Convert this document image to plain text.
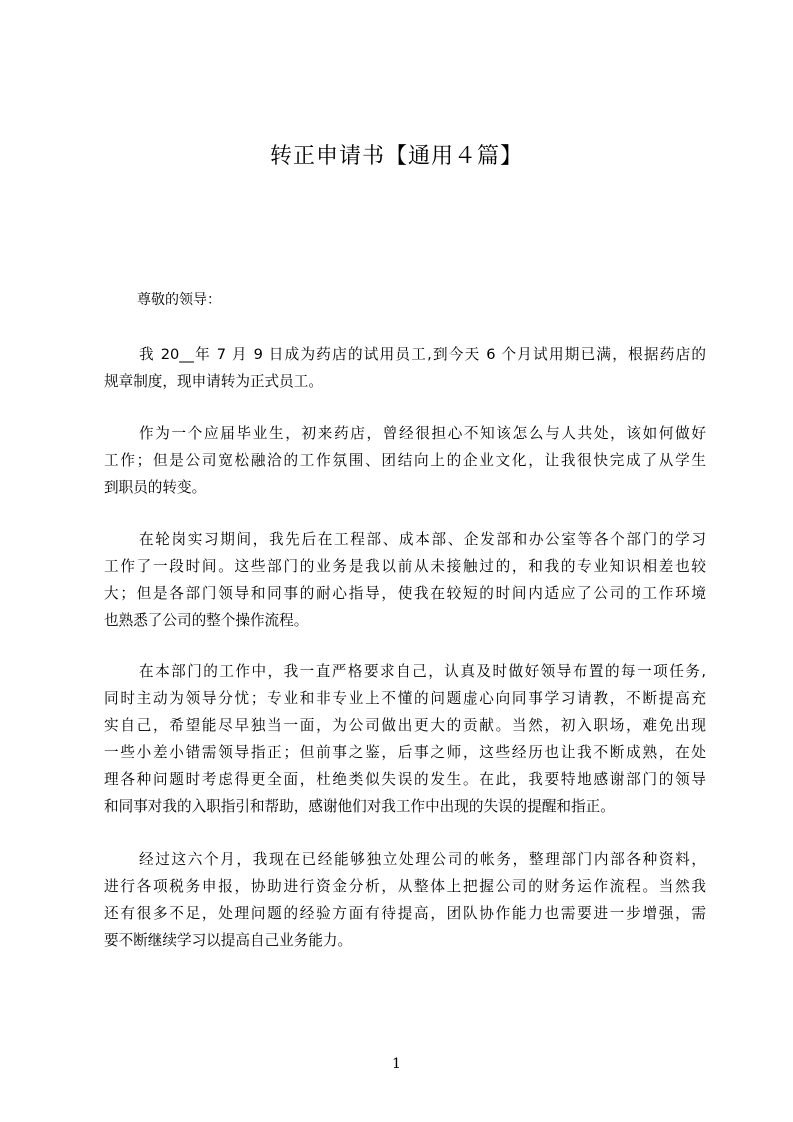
转正申请书【通用４篇】
尊敬的领导：
我 20__年 7 月 9 日成为药店的试用员工,到今天 6 个月试用期已满，根据药店的
规章制度，现申请转为正式员工。
作为一个应届毕业生，初来药店，曾经很担心不知该怎么与人共处，该如何做好
工作；但是公司宽松融洽的工作氛围、团结向上的企业文化，让我很快完成了从学生
到职员的转变。
在轮岗实习期间，我先后在工程部、成本部、企发部和办公室等各个部门的学习
工作了一段时间。这些部门的业务是我以前从未接触过的，和我的专业知识相差也较
大；但是各部门领导和同事的耐心指导，使我在较短的时间内适应了公司的工作环境
也熟悉了公司的整个操作流程。
在本部门的工作中，我一直严格要求自己，认真及时做好领导布置的每一项任务,
同时主动为领导分忧；专业和非专业上不懂的问题虚心向同事学习请教，不断提高充
实自己，希望能尽早独当一面，为公司做出更大的贡献。当然，初入职场，难免出现
一些小差小错需领导指正；但前事之鉴，后事之师，这些经历也让我不断成熟，在处
理各种问题时考虑得更全面，杜绝类似失误的发生。在此，我要特地感谢部门的领导
和同事对我的入职指引和帮助，感谢他们对我工作中出现的失误的提醒和指正。
经过这六个月，我现在已经能够独立处理公司的帐务，整理部门内部各种资料，
进行各项税务申报，协助进行资金分析，从整体上把握公司的财务运作流程。当然我
还有很多不足，处理问题的经验方面有待提高，团队协作能力也需要进一步增强，需
要不断继续学习以提高自己业务能力。
1
